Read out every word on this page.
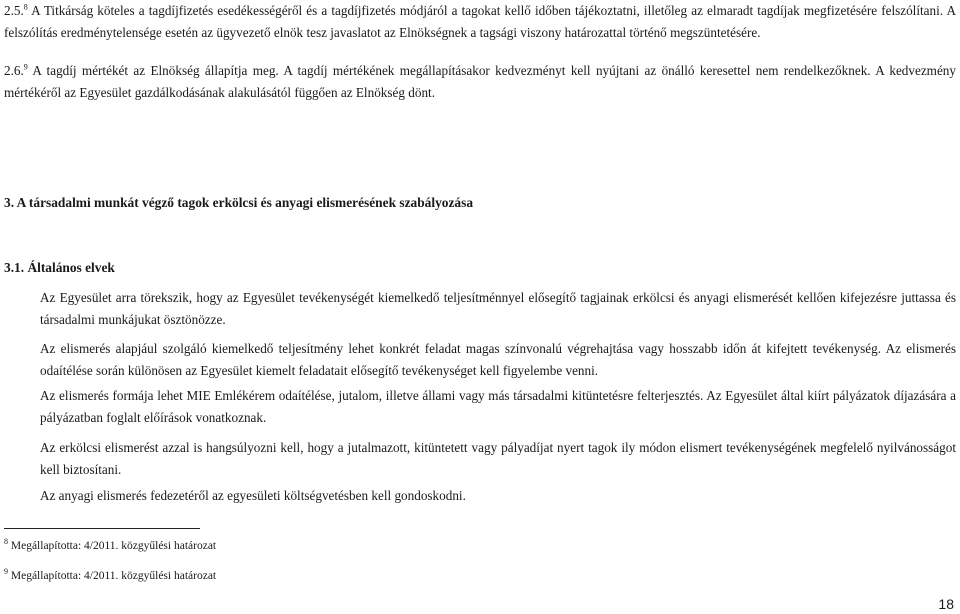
2.5.$^8$ A Titkárság köteles a tagdíjfizetés esedékességéről és a tagdíjfizetés módjáról a tagokat kellő időben tájékoztatni, illetőleg az elmaradt tagdíjak megfizetésére felszólítani. A felszólítás eredménytelensége esetén az ügyvezető elnök tesz javaslatot az Elnökségnek a tagsági viszony határozattal történő megszüntetésére.

2.6.$^9$ A tagdíj mértékét az Elnökség állapítja meg. A tagdíj mértékének megállapításakor kedvezményt kell nyújtani az önálló keresettel nem rendelkezőknek. A kedvezmény mértékéről az Egyesület gazdálkodásának alakulásától függően az Elnökség dönt.

3. A társadalmi munkát végző tagok erkölcsi és anyagi elismerésének szabályozása
3.1. Általános elvek

Az Egyesület arra törekszik, hogy az Egyesület tevékenységét kiemelkedő teljesítménnyel elősegítő tagjainak erkölcsi és anyagi elismerését kellően kifejezésre juttassa és társadalmi munkájukat ösztönözze.

Az elismerés alapjául szolgáló kiemelkedő teljesítmény lehet konkrét feladat magas színvonalú végrehajtása vagy hosszabb időn át kifejtett tevékenység. Az elismerés odaítélése során különösen az Egyesület kiemelt feladatait elősegítő tevékenységet kell figyelembe venni.

Az elismerés formája lehet MIE Emlékérem odaítélése, jutalom, illetve állami vagy más társadalmi kitüntetésre felterjesztés. Az Egyesület által kiírt pályázatok díjazására a pályázatban foglalt előírások vonatkoznak.

Az erkölcsi elismerést azzal is hangsúlyozni kell, hogy a jutalmazott, kitüntetett vagy pályadíjat nyert tagok ily módon elismert tevékenységének megfelelő nyilvánosságot kell biztosítani.

Az anyagi elismerés fedezetéről az egyesületi költségvetésben kell gondoskodni.

$^8$ Megállapította: 4/2011. közgyűlési határozat
$^9$ Megállapította: 4/2011. közgyűlési határozat
18
